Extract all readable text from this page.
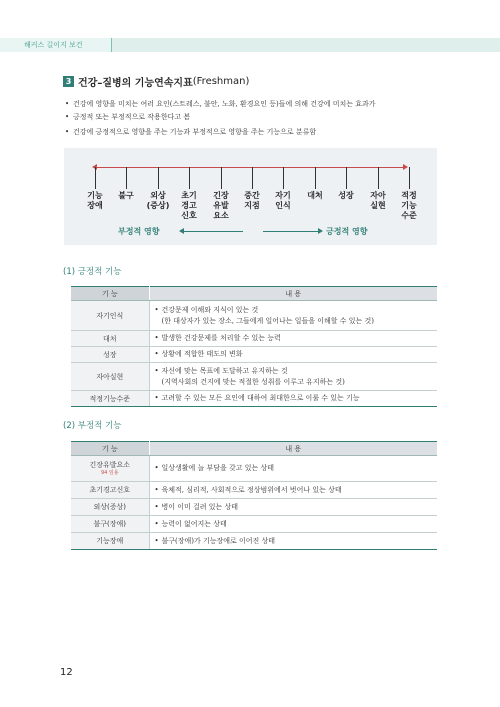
해커스 길이지 보건
3 건강–질병의 기능연속지표 (Freshman)
• 건강에 영향을 미치는 여러 요인(스트레스, 불안, 노화, 환경요인 등)들에 의해 건강에 미치는 효과가
• 긍정적 또는 부정적으로 작용한다고 봄
• 건강에 긍정적으로 영향을 주는 기능과 부정적으로 영향을 주는 기능으로 분류함
기능
장애
불구	외상
(증상)
초기
경고
신호
긴장
유발
요소
중간
지점
자기
인식
대처	성장	자아
실현
적정
기능
수준
부정적 영향	긍정적 영향
(1) 긍정적 기능
기 능	내 용
자기인식	• 건강문제 이해와 지식이 있는 것
(한 대상자가 있는 장소, 그들에게 일어나는 일들을 이해할 수 있는 것)

대처	• 발생한 건강문제를 처리할 수 있는 능력

성장	• 상황에 적합한 태도의 변화

자아실현	• 자신에 맞는 목표에 도달하고 유지하는 것
(지역사회의 건지에 맞는 적절한 성취를 이루고 유지하는 것)

적정기능수준	• 고려할 수 있는 모든 요인에 대하여 최대한으로 이룰 수 있는 기능
(2) 부정적 기능
기 능	내 용
긴장유발요소
94 임용	• 일상생활에 늘 부담을 갖고 있는 상태

초기경고신호	• 육체적, 심리적, 사회적으로 정상범위에서 벗어나 있는 상태

외상(증상)	• 병이 이미 걸려 있는 상태

불구(장애)	• 능력이 없어지는 상태

기능장애	• 불구(장애)가 기능장애로 이어진 상태
12
